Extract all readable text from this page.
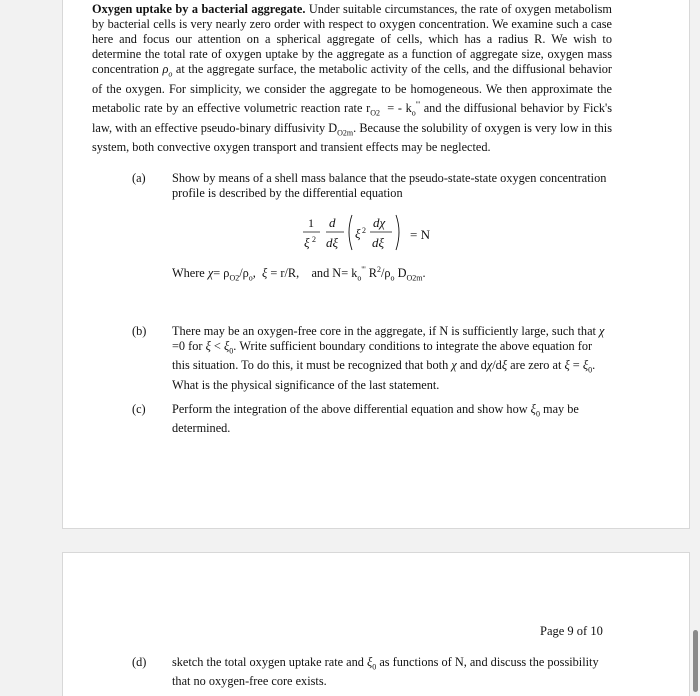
Oxygen uptake by a bacterial aggregate. Under suitable circumstances, the rate of oxygen metabolism by bacterial cells is very nearly zero order with respect to oxygen concentration. We examine such a case here and focus our attention on a spherical aggregate of cells, which has a radius R. We wish to determine the total rate of oxygen uptake by the aggregate as a function of aggregate size, oxygen mass concentration $\rho_o$ at the aggregate surface, the metabolic activity of the cells, and the diffusional behavior of the oxygen. For simplicity, we consider the aggregate to be homogeneous. We then approximate the metabolic rate by an effective volumetric reaction rate $r_{O2}$  = - $k_o'''$ and the diffusional behavior by Fick's law, with an effective pseudo-binary diffusivity $D_{O2m}$. Because the solubility of oxygen is very low in this system, both convective oxygen transport and transient effects may be neglected.

(a) Show by means of a shell mass balance that the pseudo-state-state oxygen concentration profile is described by the differential equation

1
ξ 2
d
dξ
ξ 2
dχ
dξ
= N
Where $\chi= \rho_{O2}/\rho_o$,  ξ = r/R,    and $N= k_o'''$ $R^2/\rho_o$ $D_{O2m}$.
(b) There may be an oxygen-free core in the aggregate, if N is sufficiently large, such that χ =0 for $\xi < \xi_0$. Write sufficient boundary conditions to integrate the above equation for this situation. To do this, it must be recognized that both χ and dχ/dξ are zero at $\xi = \xi_0$. What is the physical significance of the last statement.

(c) Perform the integration of the above differential equation and show how $\xi_0$ may be determined.

Page 9 of 10
(d) sketch the total oxygen uptake rate and $\xi_0$ as functions of N, and discuss the possibility that no oxygen-free core exists.
